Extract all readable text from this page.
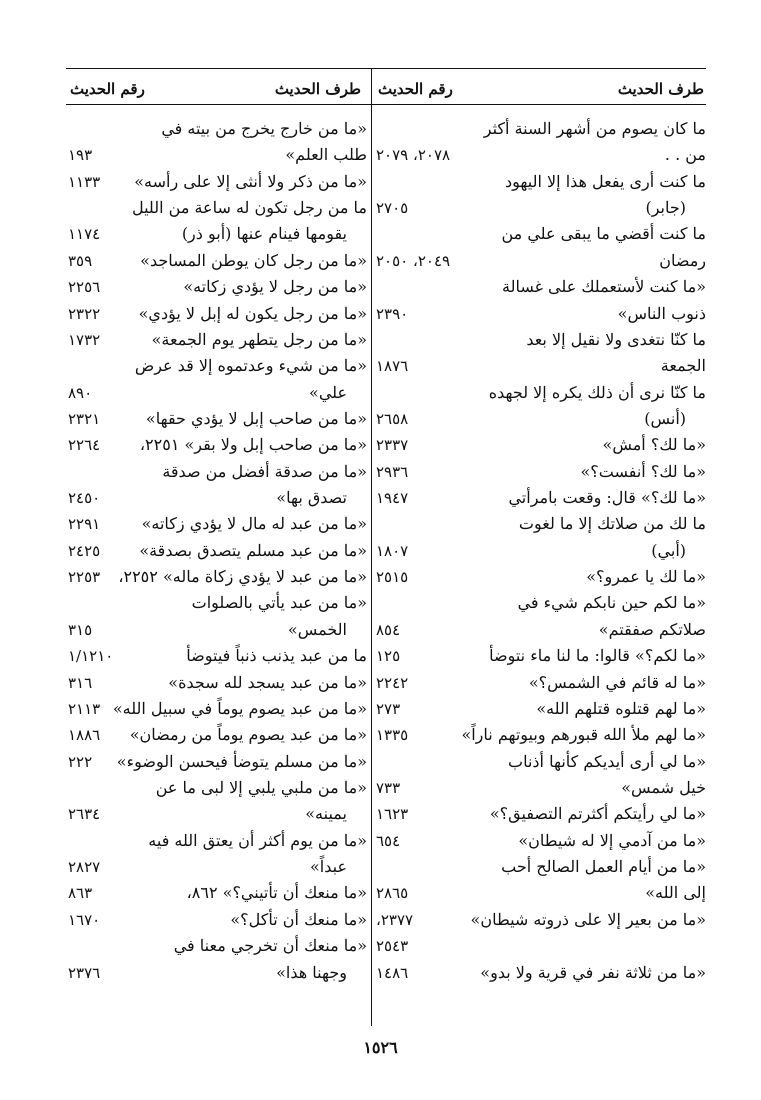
طرف الحديث
رقم الحديث
طرف الحديث
رقم الحديث
ما كان يصوم من أشهر السنة أكثر
من . .
٢٠٧٨، ٢٠٧٩
ما كنت أرى يفعل هذا إلا اليهود
(جابر)
٢٧٠٥
ما كنت أقضي ما يبقى علي من
رمضان
٢٠٤٩، ٢٠٥٠
«ما كنت لأستعملك على غسالة
ذنوب الناس»
٢٣٩٠
ما كنّا نتغدى ولا نقيل إلا بعد
الجمعة
١٨٧٦
ما كنّا نرى أن ذلك يكره إلا لجهده
(أنس)
٢٦٥٨
«ما لك؟ أمش»
٢٣٣٧
«ما لك؟ أنفست؟»
٢٩٣٦
«ما لك؟» قال: وقعت بامرأتي
١٩٤٧
ما لك من صلاتك إلا ما لغوت
(أبي)
١٨٠٧
«ما لك يا عمرو؟»
٢٥١٥
«ما لكم حين نابكم شيء في
صلاتكم صفقتم»
٨٥٤
«ما لكم؟» قالوا: ما لنا ماء نتوضأ
١٢٥
«ما له قائم في الشمس؟»
٢٢٤٢
«ما لهم قتلوه قتلهم الله»
٢٧٣
«ما لهم ملأ الله قبورهم وبيوتهم ناراً»
١٣٣٥
«ما لي أرى أيديكم كأنها أذناب
خيل شمس»
٧٣٣
«ما لي رأيتكم أكثرتم التصفيق؟»
١٦٢٣
«ما من آدمي إلا له شيطان»
٦٥٤
«ما من أيام العمل الصالح أحب
إلى الله»
٢٨٦٥
«ما من بعير إلا على ذروته شيطان»
٢٣٧٧،
٢٥٤٣
«ما من ثلاثة نفر في قرية ولا بدو»
١٤٨٦
«ما من خارج يخرج من بيته في
طلب العلم»
١٩٣
«ما من ذكر ولا أنثى إلا على رأسه»
١١٣٣
ما من رجل تكون له ساعة من الليل
يقومها فينام عنها (أبو ذر)
١١٧٤
«ما من رجل كان يوطن المساجد»
٣٥٩
«ما من رجل لا يؤدي زكاته»
٢٢٥٦
«ما من رجل يكون له إبل لا يؤدي»
٢٣٢٢
«ما من رجل يتطهر يوم الجمعة»
١٧٣٢
«ما من شيء وعدتموه إلا قد عرض
علي»
٨٩٠
«ما من صاحب إبل لا يؤدي حقها»
٢٣٢١
«ما من صاحب إبل ولا بقر» ٢٢٥١،
٢٢٦٤
«ما من صدقة أفضل من صدقة
تصدق بها»
٢٤٥٠
«ما من عبد له مال لا يؤدي زكاته»
٢٢٩١
«ما من عبد مسلم يتصدق بصدقة»
٢٤٢٥
«ما من عبد لا يؤدي زكاة ماله» ٢٢٥٢،
٢٢٥٣
«ما من عبد يأتي بالصلوات
الخمس»
٣١٥
ما من عبد يذنب ذنباً فيتوضأ
١/١٢١٠
«ما من عبد يسجد لله سجدة»
٣١٦
«ما من عبد يصوم يوماً في سبيل الله»
٢١١٣
«ما من عبد يصوم يوماً من رمضان»
١٨٨٦
«ما من مسلم يتوضأ فيحسن الوضوء»
٢٢٢
«ما من ملبي يلبي إلا لبى ما عن
يمينه»
٢٦٣٤
«ما من يوم أكثر أن يعتق الله فيه
عبداً»
٢٨٢٧
«ما منعك أن تأتيني؟» ٨٦٢،
٨٦٣
«ما منعك أن تأكل؟»
١٦٧٠
«ما منعك أن تخرجي معنا في
وجهنا هذا»
٢٣٧٦
١٥٢٦
